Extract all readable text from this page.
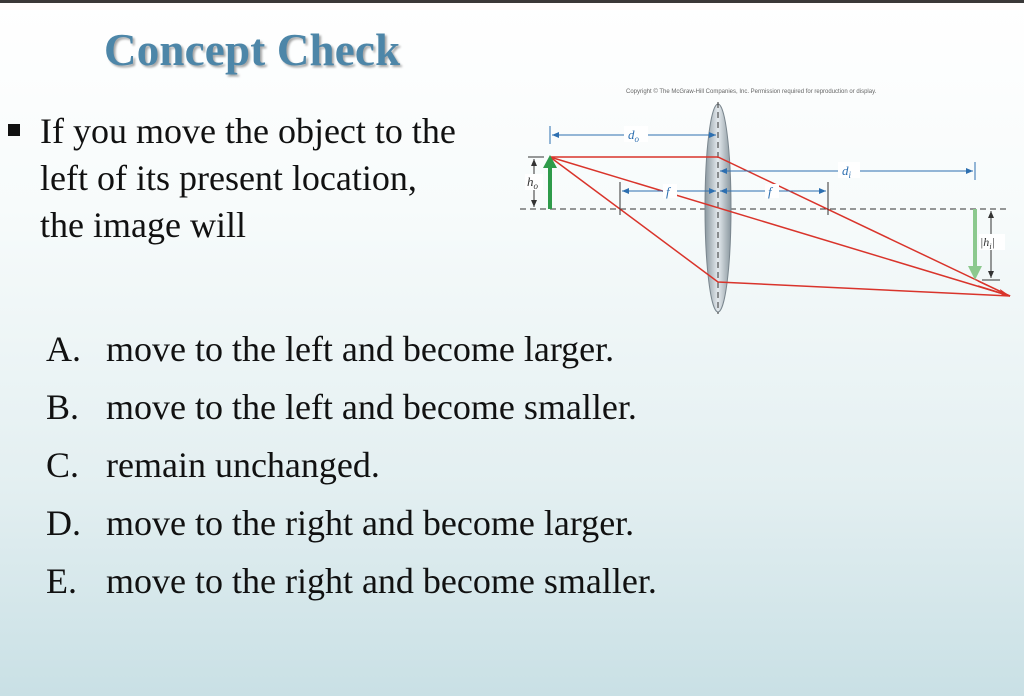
Concept Check
If you move the object to the
left of its present location,
the image will
Copyright © The McGraw-Hill Companies, Inc. Permission required for reproduction or display.
$d_o$
$d_i$
f	f
$h_o$
$|h_i|$
A. move to the left and become larger.
B. move to the left and become smaller.
C. remain unchanged.
D. move to the right and become larger.
E. move to the right and become smaller.
